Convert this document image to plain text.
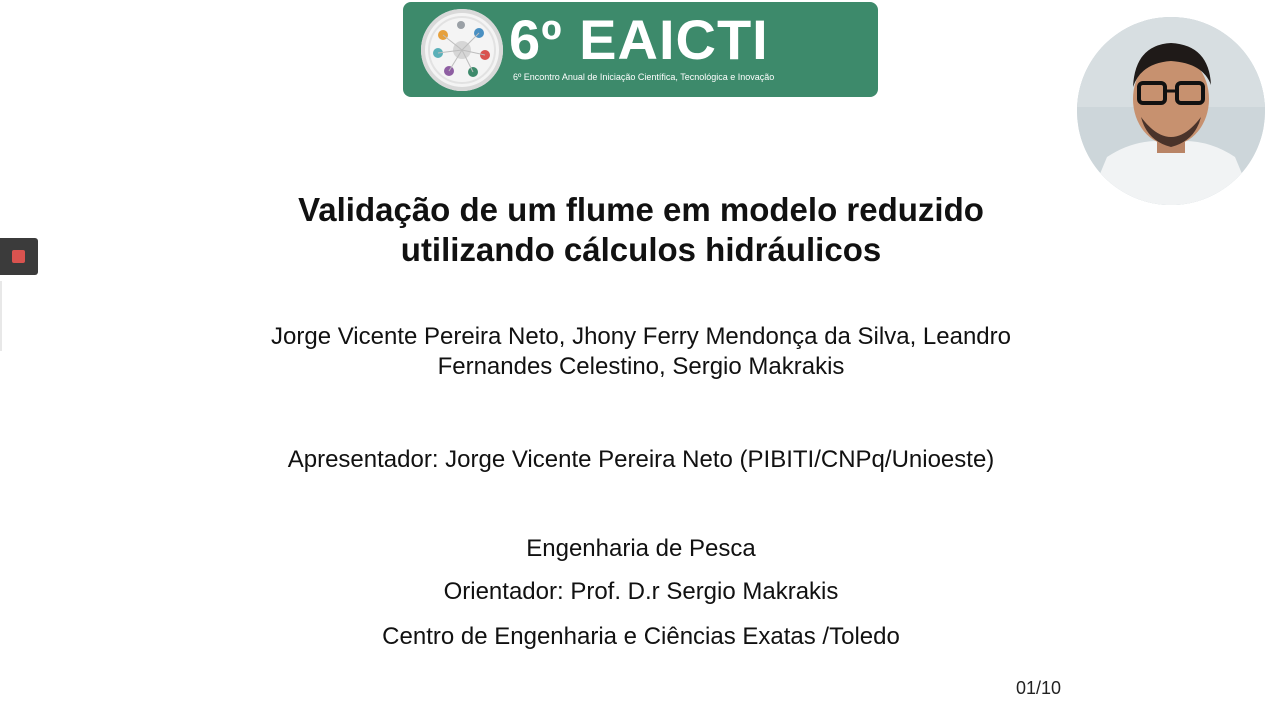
6º EAICTI
6º Encontro Anual de Iniciação Científica, Tecnológica e Inovação
Validação de um flume em modelo reduzido
utilizando cálculos hidráulicos
Jorge Vicente Pereira Neto, Jhony Ferry Mendonça da Silva, Leandro
Fernandes Celestino, Sergio Makrakis
Apresentador: Jorge Vicente Pereira Neto (PIBITI/CNPq/Unioeste)
Engenharia de Pesca
Orientador: Prof. D.r Sergio Makrakis
Centro de Engenharia e Ciências Exatas /Toledo
01/10
